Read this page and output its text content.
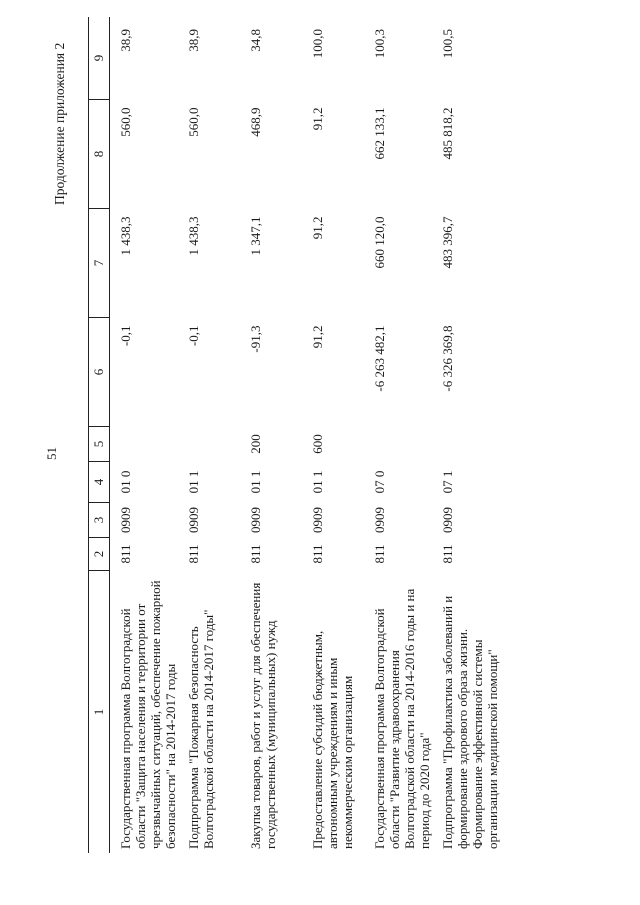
51
Продолжение приложения 2
1	2	3	4	5	6	7	8	9
Государственная программа Волгоградской области "Защита населения и территории от чрезвычайных ситуаций, обеспечение пожарной безопасности" на 2014-2017 годы	811	0909	01 0		-0,1	1 438,3	560,0	38,9
Подпрограмма "Пожарная безопасность Волгоградской области на 2014-2017 годы"	811	0909	01 1		-0,1	1 438,3	560,0	38,9
Закупка товаров, работ и услуг для обеспечения государственных (муниципальных) нужд	811	0909	01 1	200	-91,3	1 347,1	468,9	34,8
Предоставление субсидий бюджетным, автономным учреждениям и иным некоммерческим организациям	811	0909	01 1	600	91,2	91,2	91,2	100,0
Государственная программа Волгоградской области "Развитие здравоохранения Волгоградской области на 2014-2016 годы и на период до 2020 года"	811	0909	07 0		-6 263 482,1	660 120,0	662 133,1	100,3
Подпрограмма "Профилактика заболеваний и формирование здорового образа жизни. Формирование эффективной системы организации медицинской помощи"	811	0909	07 1		-6 326 369,8	483 396,7	485 818,2	100,5
